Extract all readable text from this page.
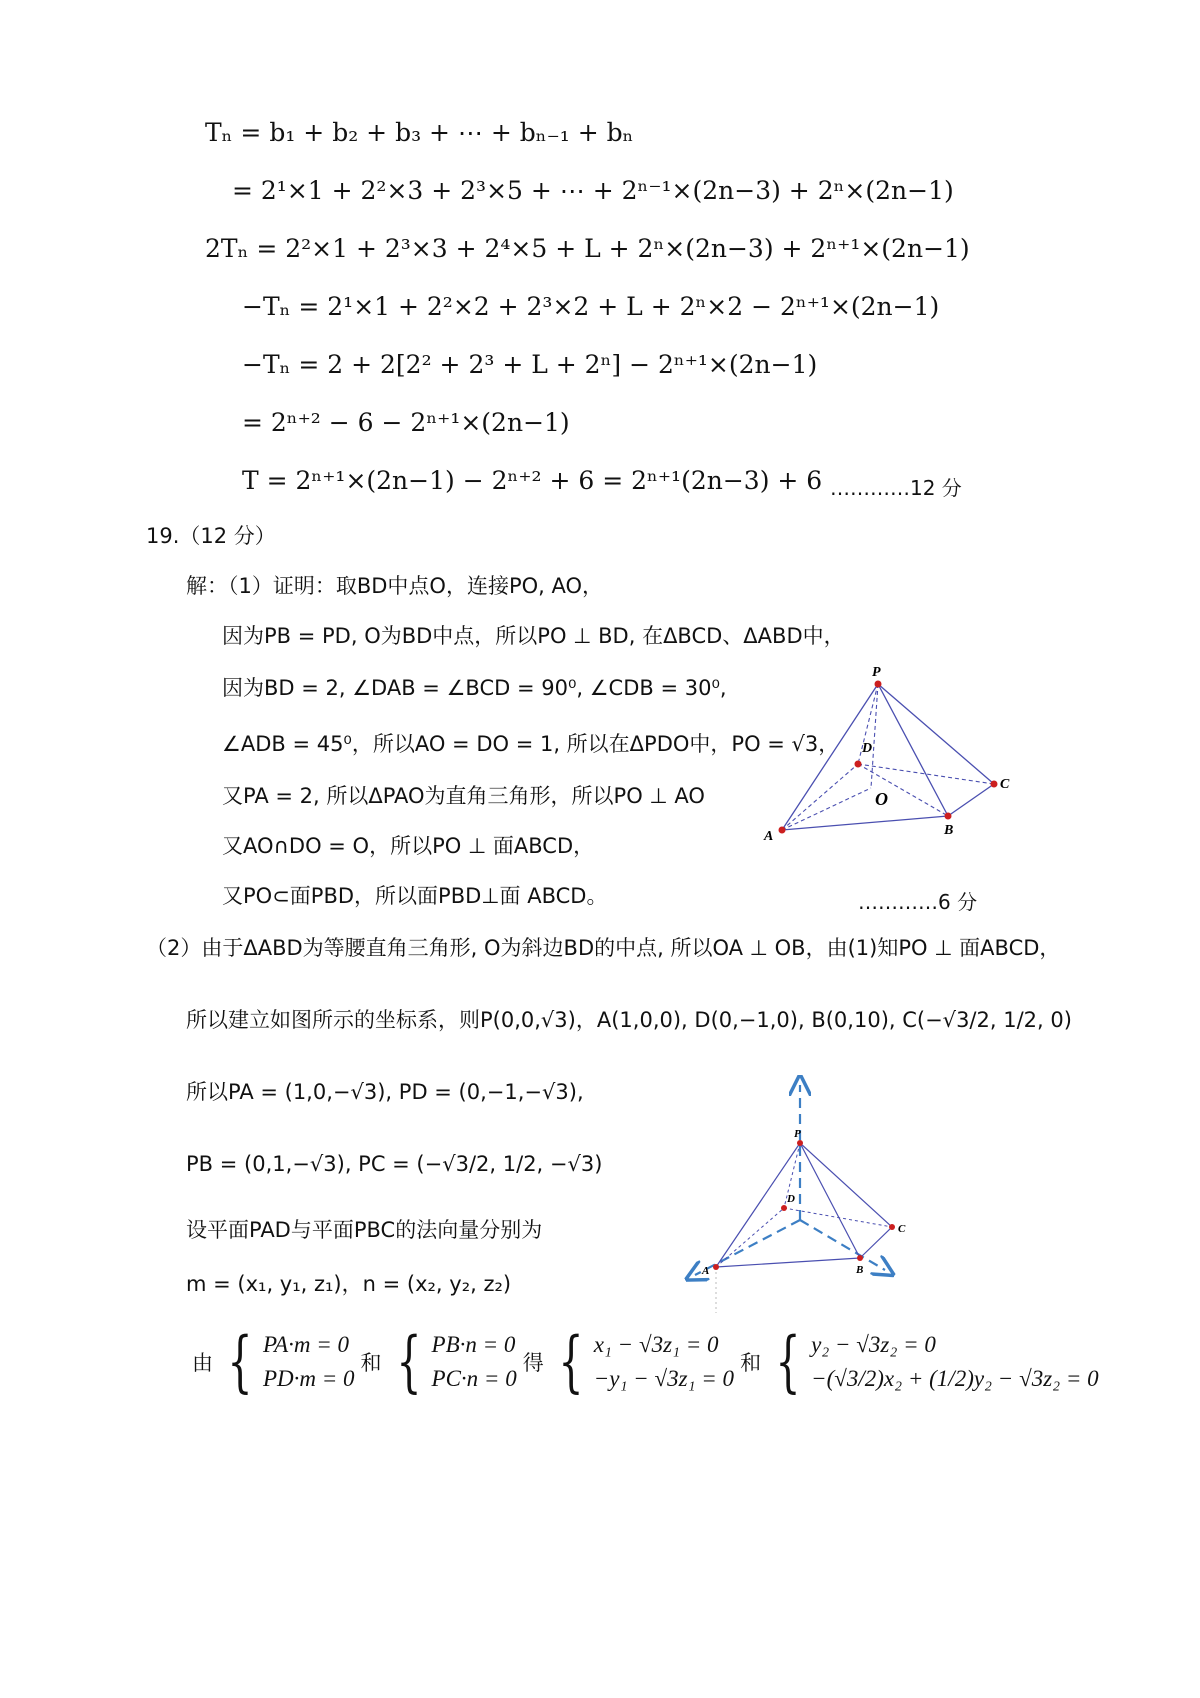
Tₙ = b₁ + b₂ + b₃ + ⋯ + bₙ₋₁ + bₙ
= 2¹×1 + 2²×3 + 2³×5 + ⋯ + 2ⁿ⁻¹×(2n−3) + 2ⁿ×(2n−1)
2Tₙ = 2²×1 + 2³×3 + 2⁴×5 + L + 2ⁿ×(2n−3) + 2ⁿ⁺¹×(2n−1)
−Tₙ = 2¹×1 + 2²×2 + 2³×2 + L + 2ⁿ×2 − 2ⁿ⁺¹×(2n−1)
−Tₙ = 2 + 2[2² + 2³ + L + 2ⁿ] − 2ⁿ⁺¹×(2n−1)
= 2ⁿ⁺² − 6 − 2ⁿ⁺¹×(2n−1)
T = 2ⁿ⁺¹×(2n−1) − 2ⁿ⁺² + 6 = 2ⁿ⁺¹(2n−3) + 6 …………12 分
19.（12 分）
解：（1）证明：取BD中点O，连接PO, AO，
因为PB = PD, O为BD中点，所以PO ⊥ BD, 在ΔBCD、ΔABD中，
因为BD = 2, ∠DAB = ∠BCD = 90⁰, ∠CDB = 30⁰,
∠ADB = 45⁰，所以AO = DO = 1, 所以在ΔPDO中，PO = √3，
又PA = 2, 所以ΔPAO为直角三角形，所以PO ⊥ AO
又AO∩DO = O，所以PO ⊥ 面ABCD，
又PO⊂面PBD，所以面PBD⊥面 ABCD。	…………6 分
P
D
C
O
A	B
（2）由于ΔABD为等腰直角三角形, O为斜边BD的中点, 所以OA ⊥ OB，由(1)知PO ⊥ 面ABCD，
所以建立如图所示的坐标系，则P(0,0,√3)，A(1,0,0), D(0,−1,0), B(0,10), C(−√3/2, 1/2, 0)
所以PA = (1,0,−√3), PD = (0,−1,−√3),
PB = (0,1,−√3), PC = (−√3/2, 1/2, −√3)
设平面PAD与平面PBC的法向量分别为
m = (x₁, y₁, z₁)，n = (x₂, y₂, z₂)
P
D
C
A	B
由 { PA·m = 0
PD·m = 0
和 { PB·n = 0
PC·n = 0
得 { x₁ − √3z₁ = 0
−y₁ − √3z₁ = 0
和 { y₂ − √3z₂ = 0
−(√3/2)x₂ + (1/2)y₂ − √3z₂ = 0
